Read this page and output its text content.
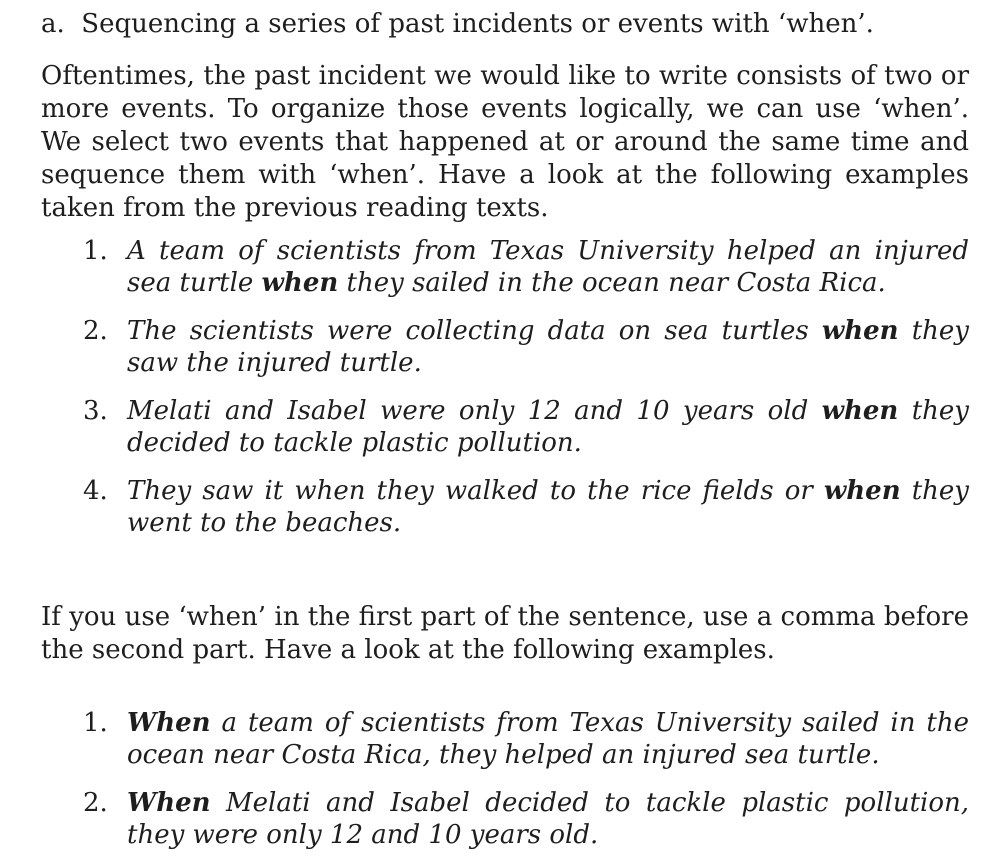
a. Sequencing a series of past incidents or events with ‘when’.

Oftentimes, the past incident we would like to write consists of two or more events. To organize those events logically, we can use ‘when’. We select two events that happened at or around the same time and sequence them with ‘when’. Have a look at the following examples taken from the previous reading texts.

1. A team of scientists from Texas University helped an injured sea turtle when they sailed in the ocean near Costa Rica.
2. The scientists were collecting data on sea turtles when they saw the injured turtle.
3. Melati and Isabel were only 12 and 10 years old when they decided to tackle plastic pollution.
4. They saw it when they walked to the rice fields or when they went to the beaches.

If you use ‘when’ in the first part of the sentence, use a comma before the second part. Have a look at the following examples.

1. When a team of scientists from Texas University sailed in the ocean near Costa Rica, they helped an injured sea turtle.
2. When Melati and Isabel decided to tackle plastic pollution, they were only 12 and 10 years old.
